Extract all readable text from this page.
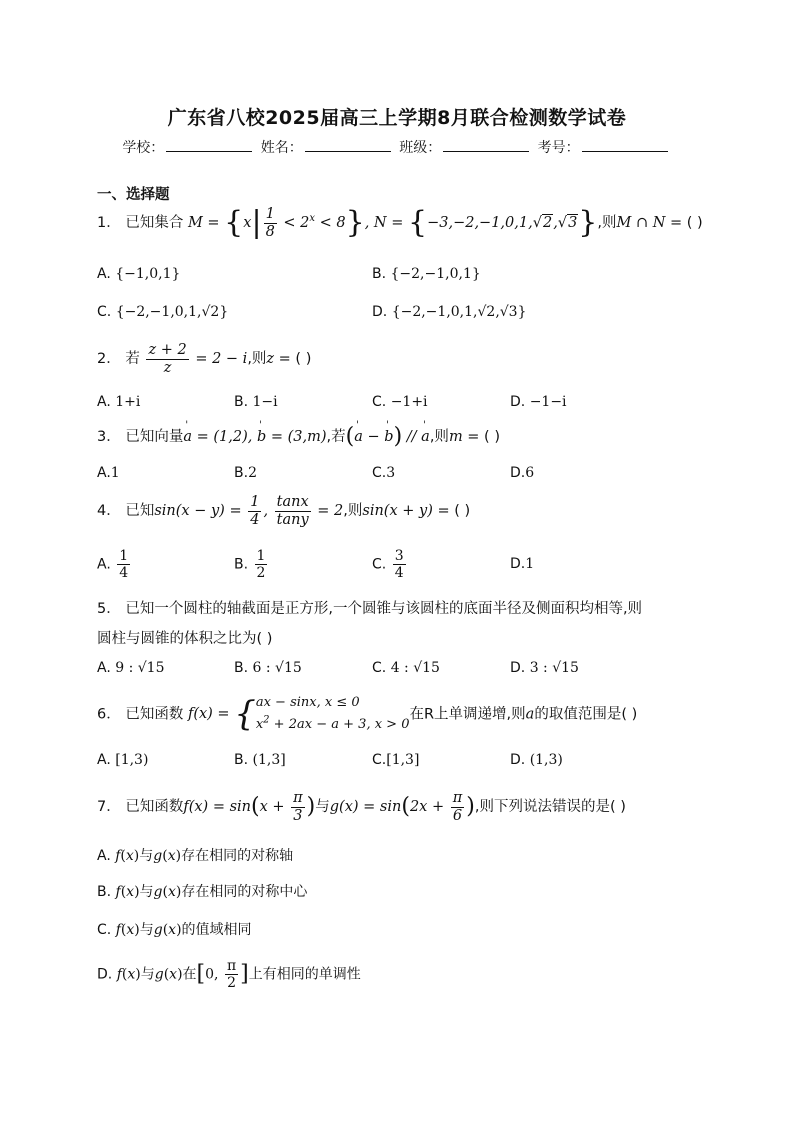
广东省八校2025届高三上学期8月联合检测数学试卷
学校：	姓名：	班级：	考号：
一、选择题
1． 已知集合 $M = \{x| \frac{1}{8} < 2^x < 8\}$, N = {−3,−2,−1,0,1,√2,√3},则M ∩ N = ( )
A. {−1,0,1}	B. {−2,−1,0,1}
C. {−2,−1,0,1,√2}	D. {−2,−1,0,1,√2,√3}
2． 若 $\frac{z + 2}{z} = 2 - i$,则z = ( )
A. 1+i	B. 1−i	C. −1+i	D. −1−i
3． 已知向量' a = (1,2), ' b = (3,m),若(' a − ' b) // ' a,则m = ( )
A.1	B.2	C.3	D.6
4． 已知$\sin(x - y) = \frac{1}{4}$ , $\frac{\tan x}{\tan y} = 2$,则sin(x + y) = ( )
A. $\frac{1}{4}$	B. $\frac{1}{2}$	C. $\frac{3}{4}$	D.1
5． 已知一个圆柱的轴截面是正方形,一个圆锥与该圆柱的底面半径及侧面积均相等,则
圆柱与圆锥的体积之比为( )
A. 9 : √15	B. 6 : √15	C. 4 : √15	D. 3 : √15
6． 已知函数 f(x) = {ax − sinx, x ≤ 0
$x^2 + 2ax - a + 3$, x > 0在R上单调递增,则a的取值范围是( )
A. [1,3)	B. (1,3]	C.[1,3]	D. (1,3)
7． 已知函数$f(x) = \sin(x + \frac{\pi}{3}$ )与$g(x) = \sin(2x + \frac{\pi}{6}$ ),则下列说法错误的是( )
A. f(x)与g(x)存在相同的对称轴
B. f(x)与g(x)存在相同的对称中心
C. f(x)与g(x)的值域相同
D. f(x)与g(x)在[0, $\frac{\pi}{2}$ ]上有相同的单调性
